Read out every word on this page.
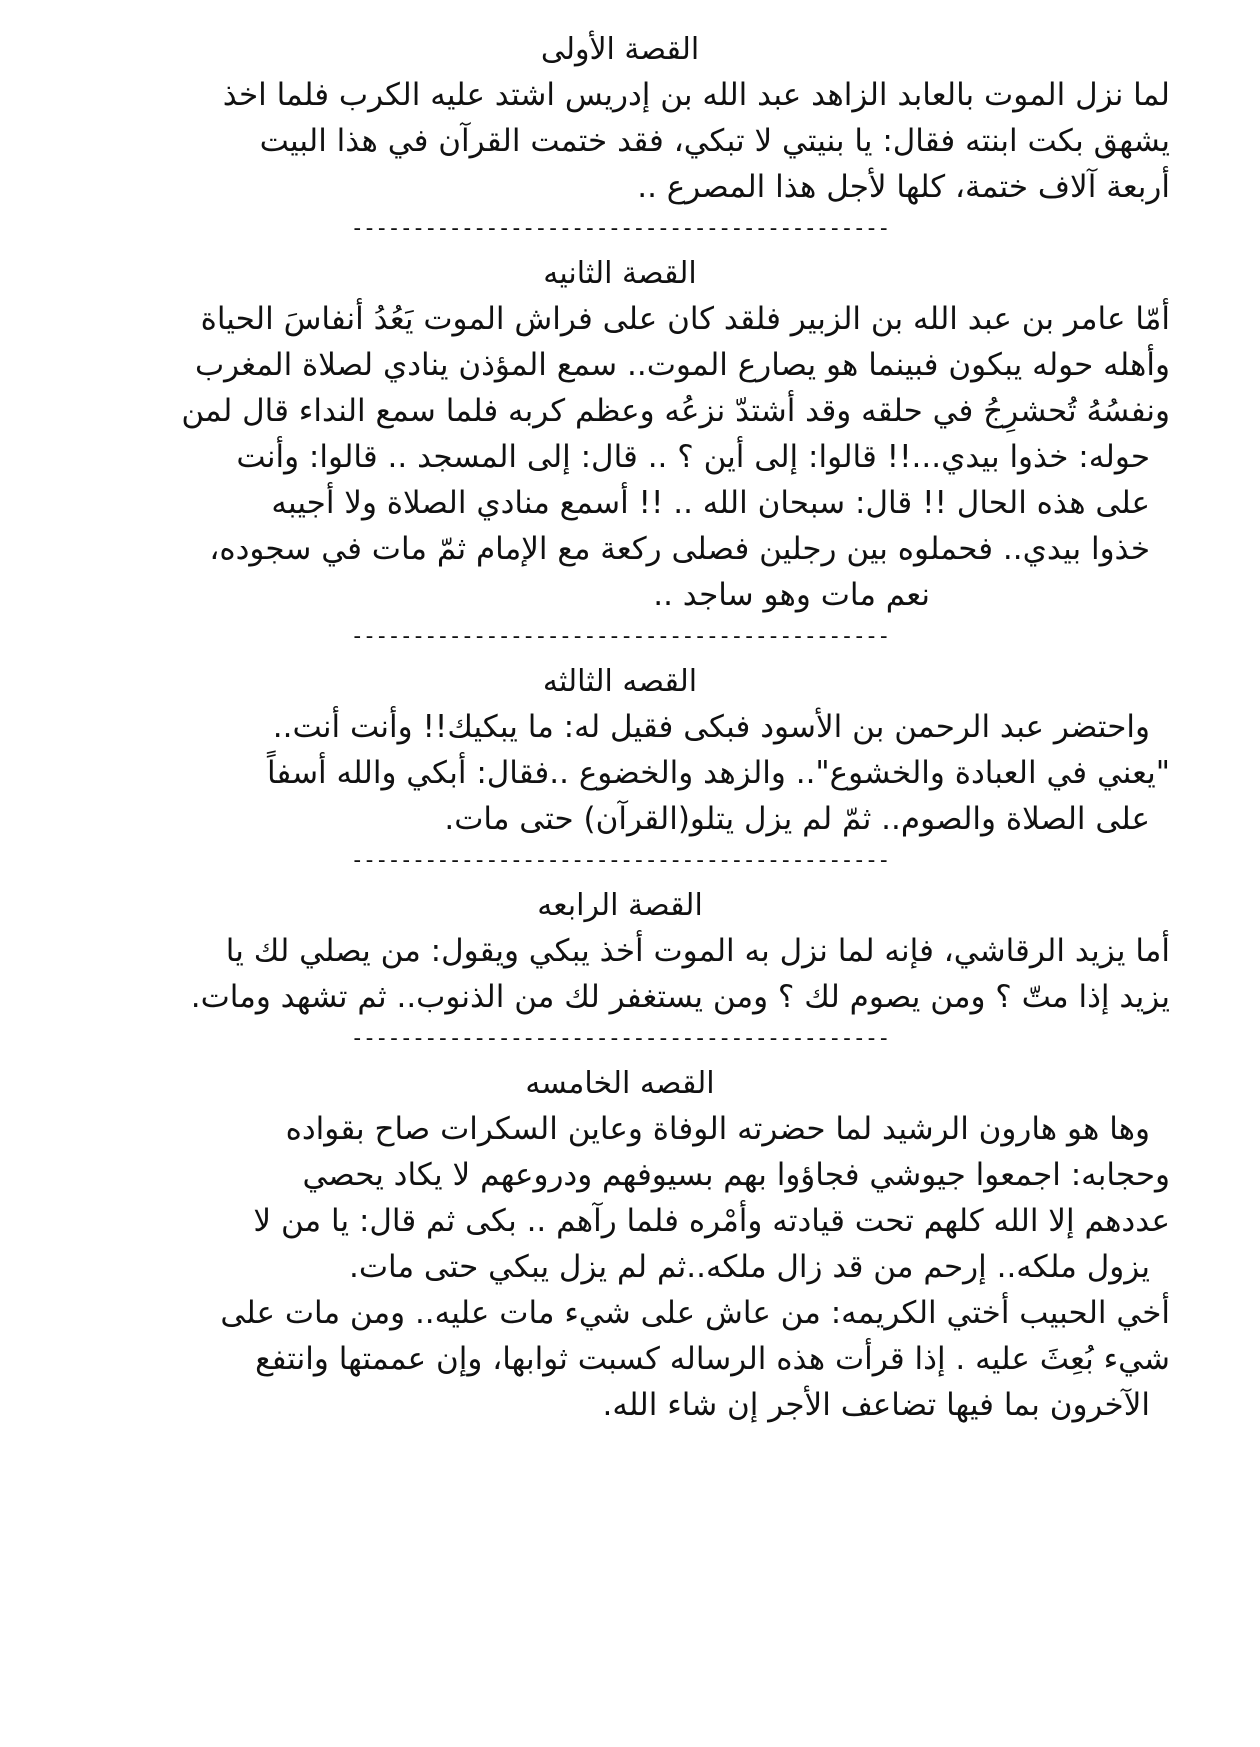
القصة الأولى

لما نزل الموت بالعابد الزاهد عبد الله بن إدريس اشتد عليه الكرب فلما اخذ
يشهق بكت ابنته فقال: يا بنيتي لا تبكي، فقد ختمت القرآن في هذا البيت
أربعة آلاف ختمة، كلها لأجل هذا المصرع ..

--------------------------------------------
القصة الثانيه

أمّا عامر بن عبد الله بن الزبير فلقد كان على فراش الموت يَعُدُ أنفاسَ الحياة
وأهله حوله يبكون فبينما هو يصارع الموت.. سمع المؤذن ينادي لصلاة المغرب
ونفسُهُ تُحشرِجُ في حلقه وقد أشتدّ نزعُه وعظم كربه فلما سمع النداء قال لمن
حوله: خذوا بيدي...!! قالوا: إلى أين ؟ .. قال: إلى المسجد .. قالوا: وأنت
على هذه الحال !! قال: سبحان الله .. !! أسمع منادي الصلاة ولا أجيبه
خذوا بيدي.. فحملوه بين رجلين فصلى ركعة مع الإمام ثمّ مات في سجوده،
نعم مات وهو ساجد ..

--------------------------------------------
القصه الثالثه

واحتضر عبد الرحمن بن الأسود فبكى فقيل له: ما يبكيك!! وأنت أنت..
"يعني في العبادة والخشوع".. والزهد والخضوع ..فقال: أبكي والله أسفاً
على الصلاة والصوم.. ثمّ لم يزل يتلو(القرآن) حتى مات.

--------------------------------------------
القصة الرابعه

أما يزيد الرقاشي، فإنه لما نزل به الموت أخذ يبكي ويقول: من يصلي لك يا
يزيد إذا متّ ؟ ومن يصوم لك ؟ ومن يستغفر لك من الذنوب.. ثم تشهد ومات.

--------------------------------------------
القصه الخامسه

وها هو هارون الرشيد لما حضرته الوفاة وعاين السكرات صاح بقواده
وحجابه: اجمعوا جيوشي فجاؤوا بهم بسيوفهم ودروعهم لا يكاد يحصي
عددهم إلا الله كلهم تحت قيادته وأمْره فلما رآهم .. بكى ثم قال: يا من لا
يزول ملكه.. إرحم من قد زال ملكه..ثم لم يزل يبكي حتى مات.

أخي الحبيب أختي الكريمه: من عاش على شيء مات عليه.. ومن مات على
شيء بُعِثَ عليه . إذا قرأت هذه الرساله كسبت ثوابها، وإن عممتها وانتفع
الآخرون بما فيها تضاعف الأجر إن شاء الله.
